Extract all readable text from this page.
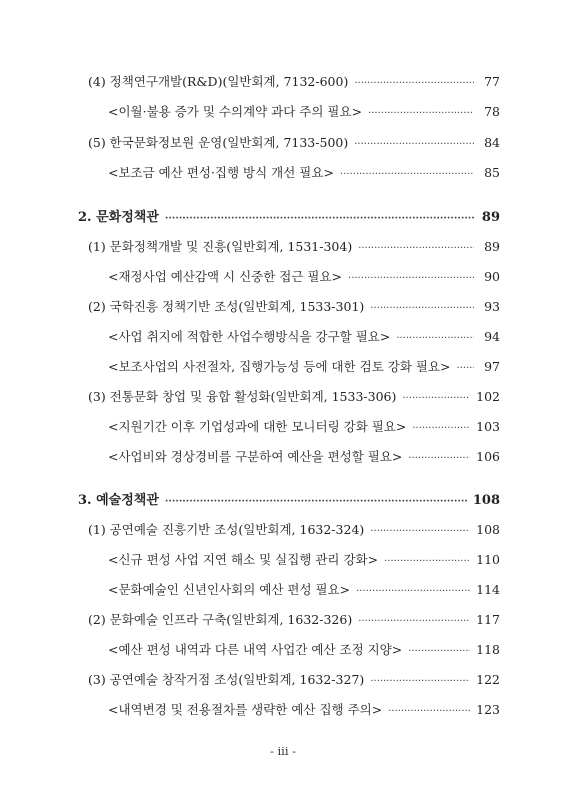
(4) 정책연구개발(R&D)(일반회계, 7132-600) ·····	77
<이월·불용 증가 및 수의계약 과다 주의 필요> ·····	78
(5) 한국문화정보원 운영(일반회계, 7133-500) ·····	84
<보조금 예산 편성·집행 방식 개선 필요> ·····	85
2. 문화정책관 ·····	89
(1) 문화정책개발 및 진흥(일반회계, 1531-304) ·····	89
<재정사업 예산감액 시 신중한 접근 필요> ·····	90
(2) 국학진흥 정책기반 조성(일반회계, 1533-301) ·····	93
<사업 취지에 적합한 사업수행방식을 강구할 필요> ·····	94
<보조사업의 사전절차, 집행가능성 등에 대한 검토 강화 필요> ·····	97
(3) 전통문화 창업 및 융합 활성화(일반회계, 1533-306) ·····	102
<지원기간 이후 기업성과에 대한 모니터링 강화 필요> ·····	103
<사업비와 경상경비를 구분하여 예산을 편성할 필요> ·····	106
3. 예술정책관 ·····	108
(1) 공연예술 진흥기반 조성(일반회계, 1632-324) ·····	108
<신규 편성 사업 지연 해소 및 실집행 관리 강화> ·····	110
<문화예술인 신년인사회의 예산 편성 필요> ·····	114
(2) 문화예술 인프라 구축(일반회계, 1632-326) ·····	117
<예산 편성 내역과 다른 내역 사업간 예산 조정 지양> ·····	118
(3) 공연예술 창작거점 조성(일반회계, 1632-327) ·····	122
<내역변경 및 전용절차를 생략한 예산 집행 주의> ·····	123
- iii -
